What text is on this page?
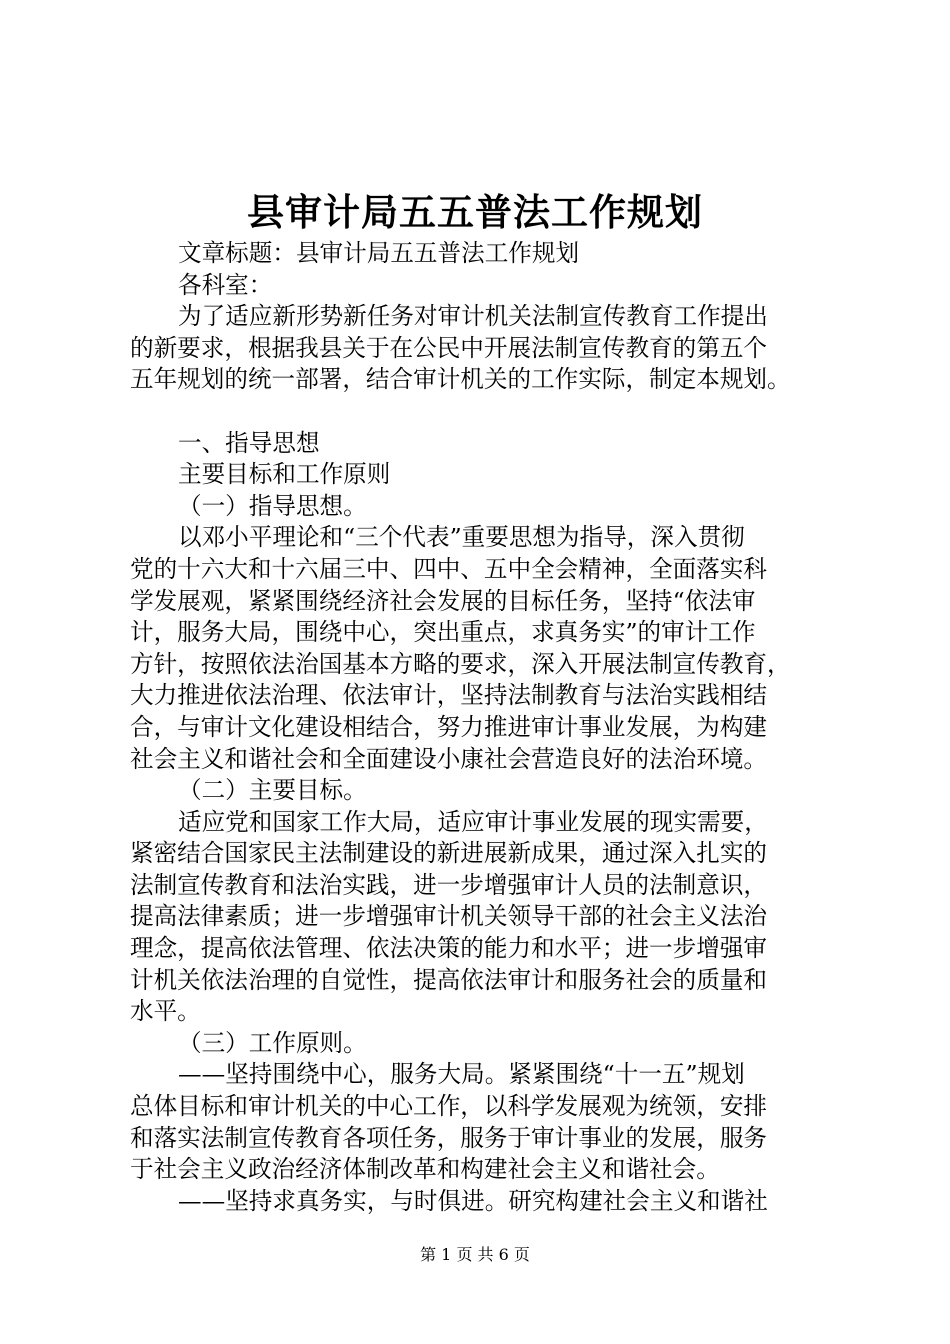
县审计局五五普法工作规划
文章标题：县审计局五五普法工作规划
各科室：
为了适应新形势新任务对审计机关法制宣传教育工作提出
的新要求，根据我县关于在公民中开展法制宣传教育的第五个
五年规划的统一部署，结合审计机关的工作实际，制定本规划。
一、指导思想
主要目标和工作原则
（一）指导思想。
以邓小平理论和“三个代表”重要思想为指导，深入贯彻
党的十六大和十六届三中、四中、五中全会精神，全面落实科
学发展观，紧紧围绕经济社会发展的目标任务，坚持“依法审
计，服务大局，围绕中心，突出重点，求真务实”的审计工作
方针，按照依法治国基本方略的要求，深入开展法制宣传教育，
大力推进依法治理、依法审计，坚持法制教育与法治实践相结
合，与审计文化建设相结合，努力推进审计事业发展，为构建
社会主义和谐社会和全面建设小康社会营造良好的法治环境。
（二）主要目标。
适应党和国家工作大局，适应审计事业发展的现实需要，
紧密结合国家民主法制建设的新进展新成果，通过深入扎实的
法制宣传教育和法治实践，进一步增强审计人员的法制意识，
提高法律素质；进一步增强审计机关领导干部的社会主义法治
理念，提高依法管理、依法决策的能力和水平；进一步增强审
计机关依法治理的自觉性，提高依法审计和服务社会的质量和
水平。
（三）工作原则。
——坚持围绕中心，服务大局。紧紧围绕“十一五”规划
总体目标和审计机关的中心工作，以科学发展观为统领，安排
和落实法制宣传教育各项任务，服务于审计事业的发展，服务
于社会主义政治经济体制改革和构建社会主义和谐社会。
——坚持求真务实，与时俱进。研究构建社会主义和谐社
第 1 页 共 6 页
